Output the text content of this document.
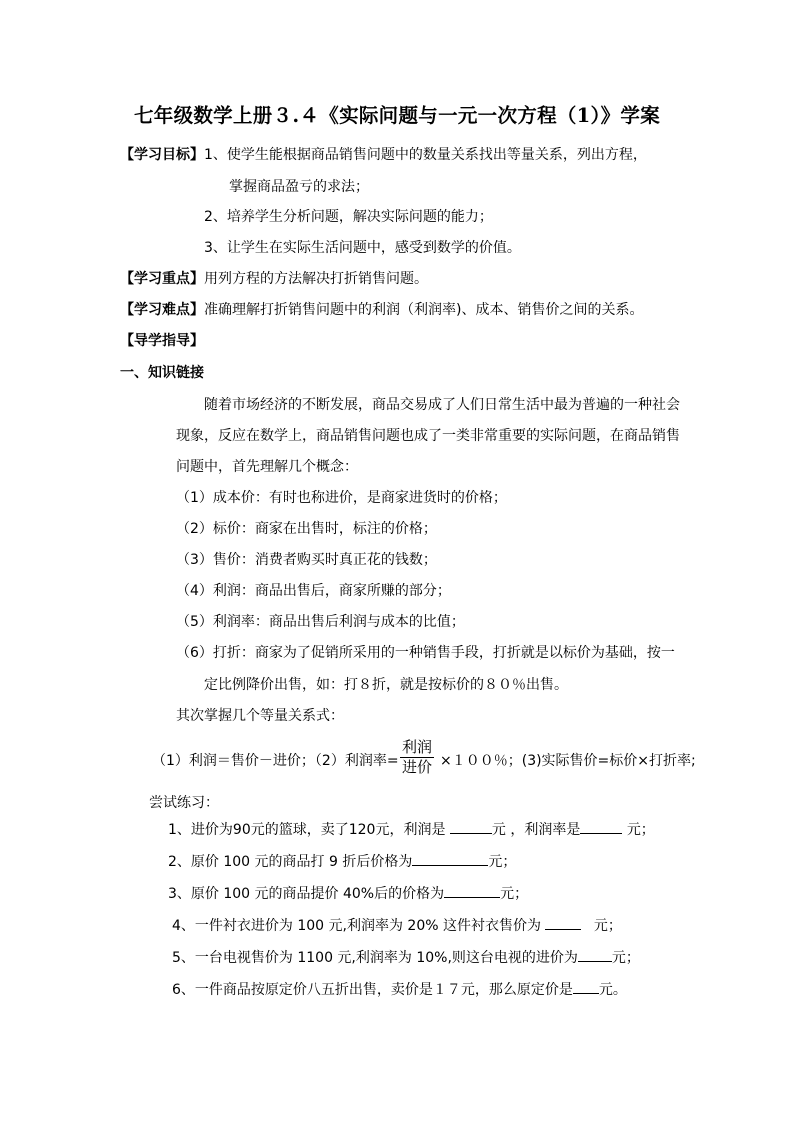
七年级数学上册３.４《实际问题与一元一次方程（1）》学案
【学习目标】1、使学生能根据商品销售问题中的数量关系找出等量关系，列出方程，
掌握商品盈亏的求法；
2、培养学生分析问题，解决实际问题的能力；
3、让学生在实际生活问题中，感受到数学的价值。
【学习重点】用列方程的方法解决打折销售问题。
【学习难点】准确理解打折销售问题中的利润（利润率)、成本、销售价之间的关系。
【导学指导】
一、知识链接
随着市场经济的不断发展，商品交易成了人们日常生活中最为普遍的一种社会
现象，反应在数学上，商品销售问题也成了一类非常重要的实际问题，在商品销售
问题中，首先理解几个概念：
（1）成本价：有时也称进价，是商家进货时的价格；
（2）标价：商家在出售时，标注的价格；
（3）售价：消费者购买时真正花的钱数；
（4）利润：商品出售后，商家所赚的部分；
（5）利润率：商品出售后利润与成本的比值；
（6）打折：商家为了促销所采用的一种销售手段，打折就是以标价为基础，按一
定比例降价出售，如：打８折，就是按标价的８０％出售。
其次掌握几个等量关系式：
（1）利润＝售价－进价；（2）利润率=
利润
进价 ×１００％；(3)实际售价=标价×打折率;
尝试练习：
1、进价为90元的篮球，卖了120元，利润是	元 ，利润率是	元；
2、原价 100 元的商品打 9 折后价格为	元；
3、原价 100 元的商品提价 40%后的价格为	元；
4、一件衬衣进价为 100 元,利润率为 20% 这件衬衣售价为	元；
5、一台电视售价为 1100 元,利润率为 10%,则这台电视的进价为 元；
6、一件商品按原定价八五折出售，卖价是１７元，那么原定价是 元。
